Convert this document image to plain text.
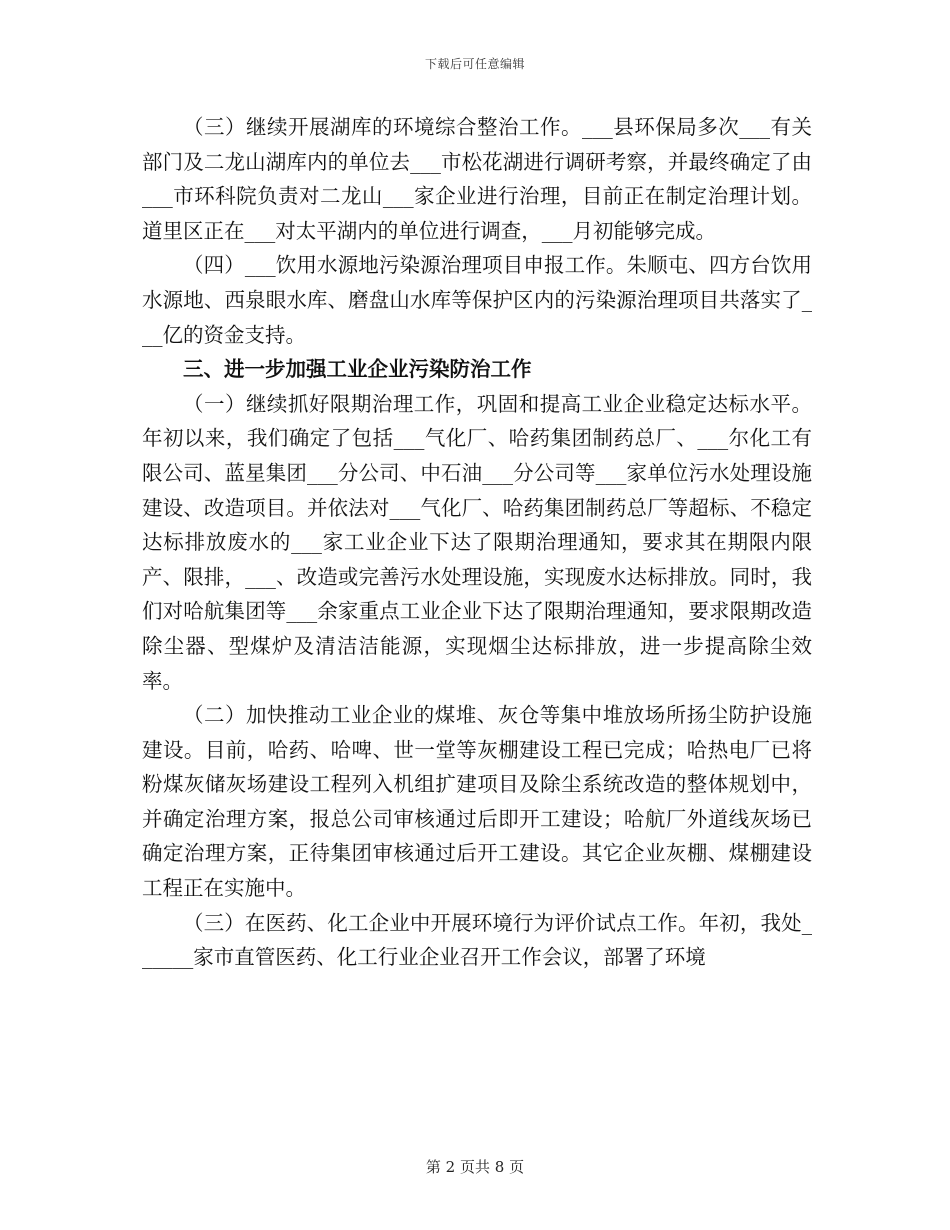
下载后可任意编辑

（三）继续开展湖库的环境综合整治工作。___县环保局多次___有关部门及二龙山湖库内的单位去___市松花湖进行调研考察，并最终确定了由___市环科院负责对二龙山___家企业进行治理，目前正在制定治理计划。道里区正在___对太平湖内的单位进行调查，___月初能够完成。

（四）___饮用水源地污染源治理项目申报工作。朱顺屯、四方台饮用水源地、西泉眼水库、磨盘山水库等保护区内的污染源治理项目共落实了___亿的资金支持。

三、进一步加强工业企业污染防治工作

（一）继续抓好限期治理工作，巩固和提高工业企业稳定达标水平。年初以来，我们确定了包括___气化厂、哈药集团制药总厂、___尔化工有限公司、蓝星集团___分公司、中石油___分公司等___家单位污水处理设施建设、改造项目。并依法对___气化厂、哈药集团制药总厂等超标、不稳定达标排放废水的___家工业企业下达了限期治理通知，要求其在期限内限产、限排，___、改造或完善污水处理设施，实现废水达标排放。同时，我们对哈航集团等___余家重点工业企业下达了限期治理通知，要求限期改造除尘器、型煤炉及清洁洁能源，实现烟尘达标排放，进一步提高除尘效率。

（二）加快推动工业企业的煤堆、灰仓等集中堆放场所扬尘防护设施建设。目前，哈药、哈啤、世一堂等灰棚建设工程已完成；哈热电厂已将粉煤灰储灰场建设工程列入机组扩建项目及除尘系统改造的整体规划中，并确定治理方案，报总公司审核通过后即开工建设；哈航厂外道线灰场已确定治理方案，正待集团审核通过后开工建设。其它企业灰棚、煤棚建设工程正在实施中。

（三）在医药、化工企业中开展环境行为评价试点工作。年初，我处______家市直管医药、化工行业企业召开工作会议，部署了环境

第 2 页共 8 页
